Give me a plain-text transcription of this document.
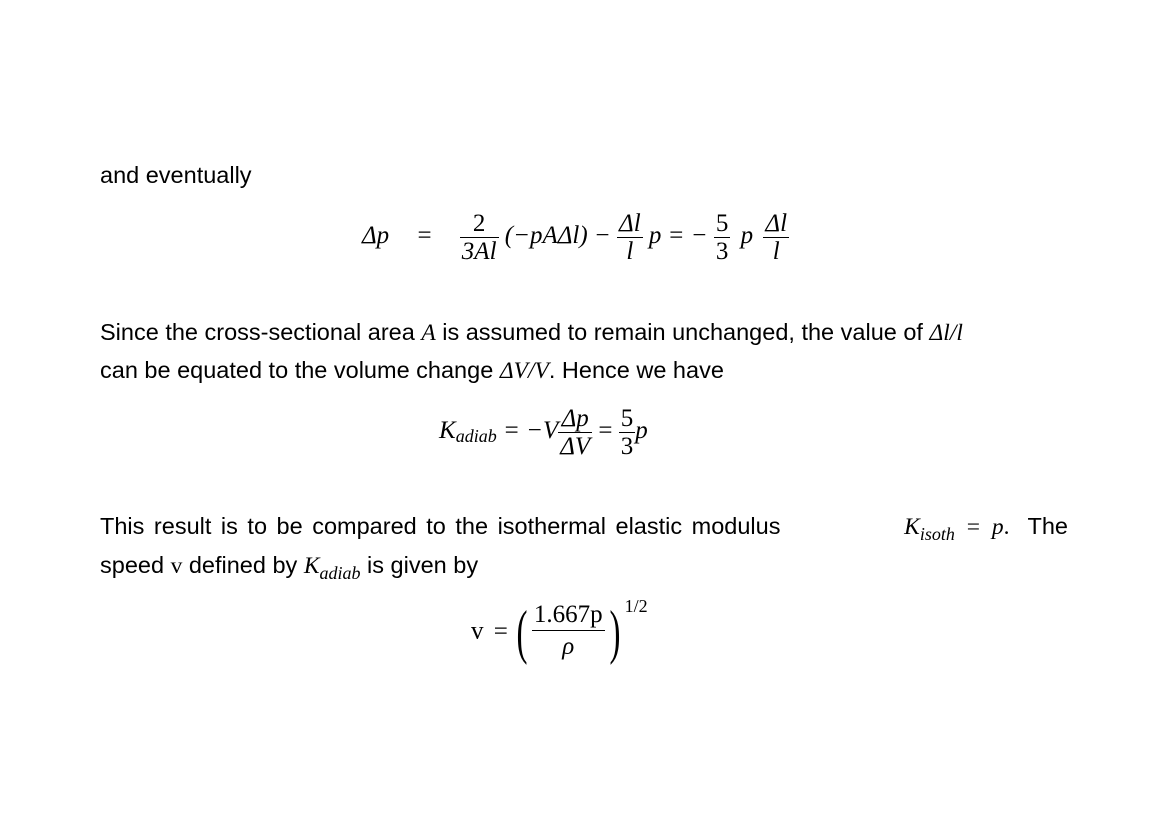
and eventually
$\Delta p = \frac{2}{3Al} (-pA\Delta l) - \frac{\Delta l}{l}$ p = − $\frac{5}{3}$ p $\frac{\Delta l}{l}$
Since the cross-sectional area A is assumed to remain unchanged, the value of Δl/l
can be equated to the volume change ΔV/V. Hence we have
Kadiab = $-V \frac{\Delta p}{\Delta V} = \frac{5}{3}$ p
This result is to be compared to the isothermal elastic modulus	$K_{isoth} = p$. The
speed v defined by $K_{adiab}$ is given by
v = ( $\frac{1.667p}{\rho}$ ) $^{1/2}$
